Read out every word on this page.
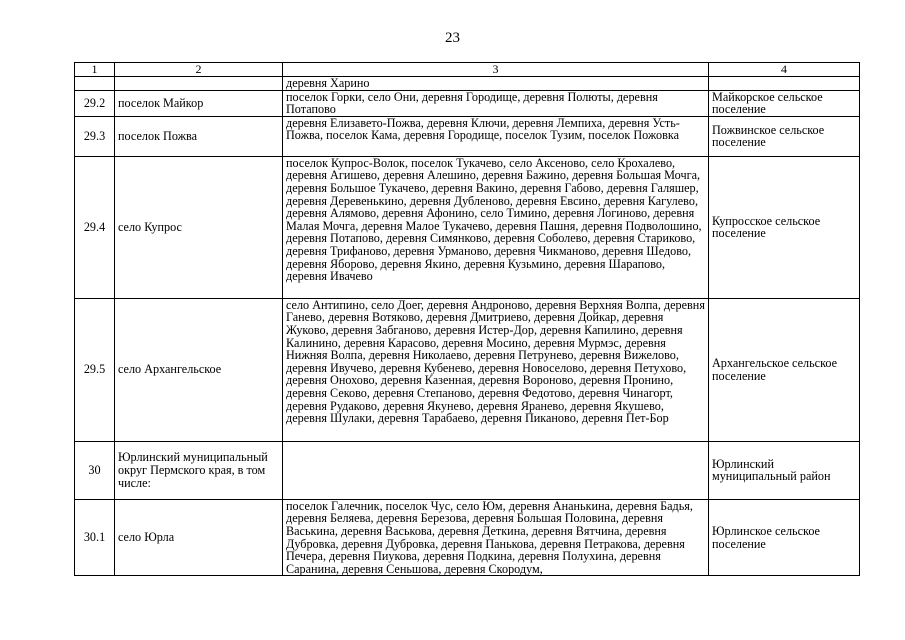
23
1	2	3	4
		деревня Харино	
29.2	поселок Майкор	поселок Горки, село Они, деревня Городище, деревня Полюты, деревня Потапово	Майкорское сельское поселение
29.3	поселок Пожва	деревня Елизавето-Пожва, деревня Ключи, деревня Лемпиха, деревня Усть-Пожва, поселок Кама, деревня Городище, поселок Тузим, поселок Пожовка	Пожвинское сельское поселение
29.4	село Купрос	поселок Купрос-Волок, поселок Тукачево, село Аксеново, село Крохалево, деревня Агишево, деревня Алешино, деревня Бажино, деревня Большая Мочга, деревня Большое Тукачево, деревня Вакино, деревня Габово, деревня Галяшер, деревня Деревенькино, деревня Дубленово, деревня Евсино, деревня Кагулево, деревня Алямово, деревня Афонино, село Тимино, деревня Логиново, деревня Малая Мочга, деревня Малое Тукачево, деревня Пашня, деревня Подволошино, деревня Потапово, деревня Симянково, деревня Соболево, деревня Стариково, деревня Трифаново, деревня Урманово, деревня Чикманово, деревня Шедово, деревня Яборово, деревня Якино, деревня Кузьмино, деревня Шарапово, деревня Ивачево	Купросское сельское поселение
29.5	село Архангельское	село Антипино, село Доег, деревня Андроново, деревня Верхняя Волпа, деревня Ганево, деревня Вотяково, деревня Дмитриево, деревня Дойкар, деревня Жуково, деревня Забганово, деревня Истер-Дор, деревня Капилино, деревня Калинино, деревня Карасово, деревня Мосино, деревня Мурмэс, деревня Нижняя Волпа, деревня Николаево, деревня Петрунево, деревня Вижелово, деревня Ивучево, деревня Кубенево, деревня Новоселово, деревня Петухово, деревня Онохово, деревня Казенная, деревня Вороново, деревня Пронино, деревня Секово, деревня Степаново, деревня Федотово, деревня Чинагорт, деревня Рудаково, деревня Якунево, деревня Яранево, деревня Якушево, деревня Шулаки, деревня Тарабаево, деревня Пиканово, деревня Пет-Бор	Архангельское сельское поселение
30	Юрлинский муниципальный округ Пермского края, в том числе:		Юрлинский муниципальный район
30.1	село Юрла	поселок Галечник, поселок Чус, село Юм, деревня Ананькина, деревня Бадья, деревня Беляева, деревня Березова, деревня Большая Половина, деревня Васькина, деревня Васькова, деревня Деткина, деревня Вятчина, деревня Дубровка, деревня Дубровка, деревня Панькова, деревня Петракова, деревня Печера, деревня Пиукова, деревня Подкина, деревня Полухина, деревня Саранина, деревня Сеньшова, деревня Скородум,	Юрлинское сельское поселение
